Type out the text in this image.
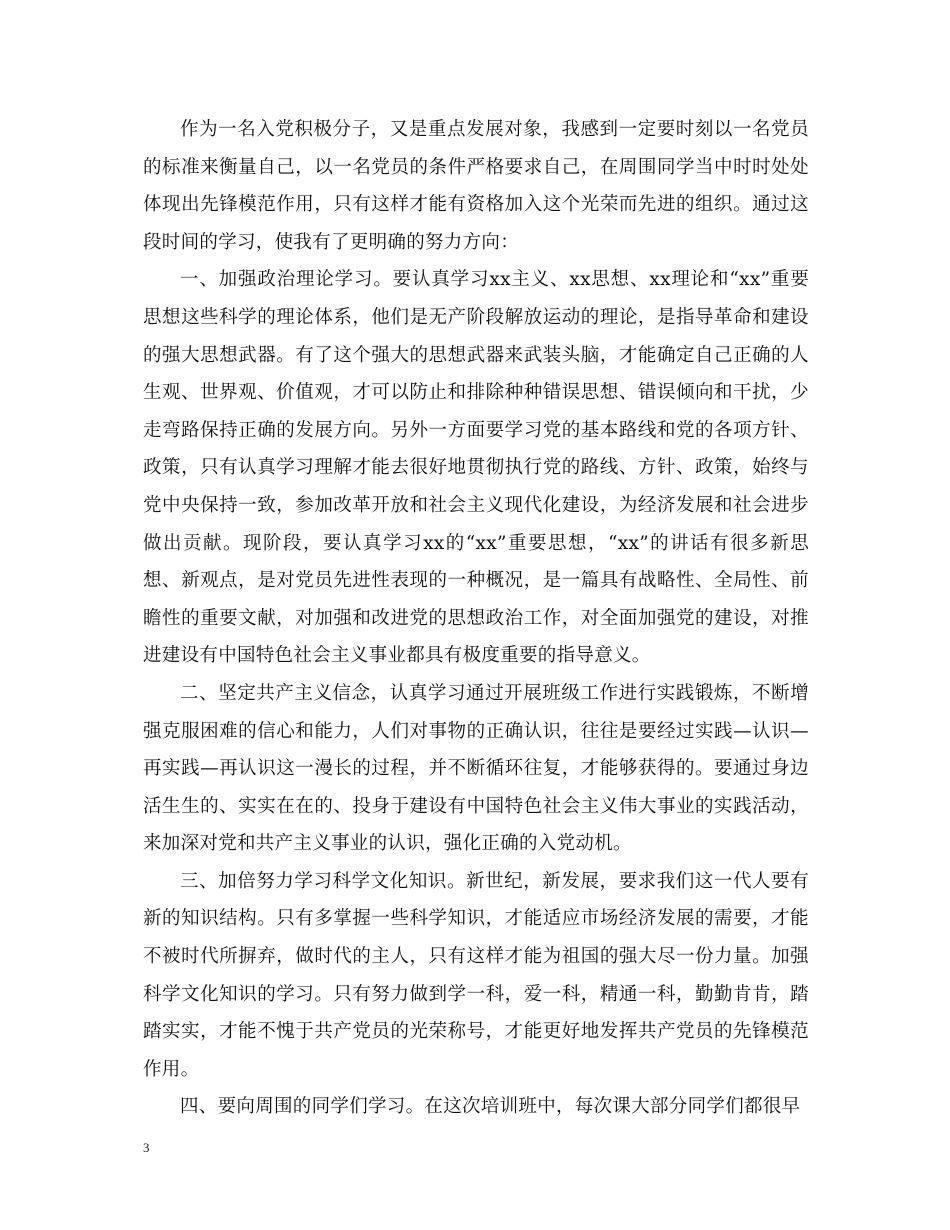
作为一名入党积极分子，又是重点发展对象，我感到一定要时刻以一名党员的标准来衡量自己，以一名党员的条件严格要求自己，在周围同学当中时时处处体现出先锋模范作用，只有这样才能有资格加入这个光荣而先进的组织。通过这段时间的学习，使我有了更明确的努力方向：

一、加强政治理论学习。要认真学习xx主义、xx思想、xx理论和“xx”重要思想这些科学的理论体系，他们是无产阶段解放运动的理论，是指导革命和建设的强大思想武器。有了这个强大的思想武器来武装头脑，才能确定自己正确的人生观、世界观、价值观，才可以防止和排除种种错误思想、错误倾向和干扰，少走弯路保持正确的发展方向。另外一方面要学习党的基本路线和党的各项方针、政策，只有认真学习理解才能去很好地贯彻执行党的路线、方针、政策，始终与党中央保持一致，参加改革开放和社会主义现代化建设，为经济发展和社会进步做出贡献。现阶段，要认真学习xx的“xx”重要思想，“xx”的讲话有很多新思想、新观点，是对党员先进性表现的一种概况，是一篇具有战略性、全局性、前瞻性的重要文献，对加强和改进党的思想政治工作，对全面加强党的建设，对推进建设有中国特色社会主义事业都具有极度重要的指导意义。

二、坚定共产主义信念，认真学习通过开展班级工作进行实践锻炼，不断增强克服困难的信心和能力，人们对事物的正确认识，往往是要经过实践—认识—再实践—再认识这一漫长的过程，并不断循环往复，才能够获得的。要通过身边活生生的、实实在在的、投身于建设有中国特色社会主义伟大事业的实践活动，来加深对党和共产主义事业的认识，强化正确的入党动机。

三、加倍努力学习科学文化知识。新世纪，新发展，要求我们这一代人要有新的知识结构。只有多掌握一些科学知识，才能适应市场经济发展的需要，才能不被时代所摒弃，做时代的主人，只有这样才能为祖国的强大尽一份力量。加强科学文化知识的学习。只有努力做到学一科，爱一科，精通一科，勤勤肯肯，踏踏实实，才能不愧于共产党员的光荣称号，才能更好地发挥共产党员的先锋模范作用。

四、要向周围的同学们学习。在这次培训班中，每次课大部分同学们都很早

3
